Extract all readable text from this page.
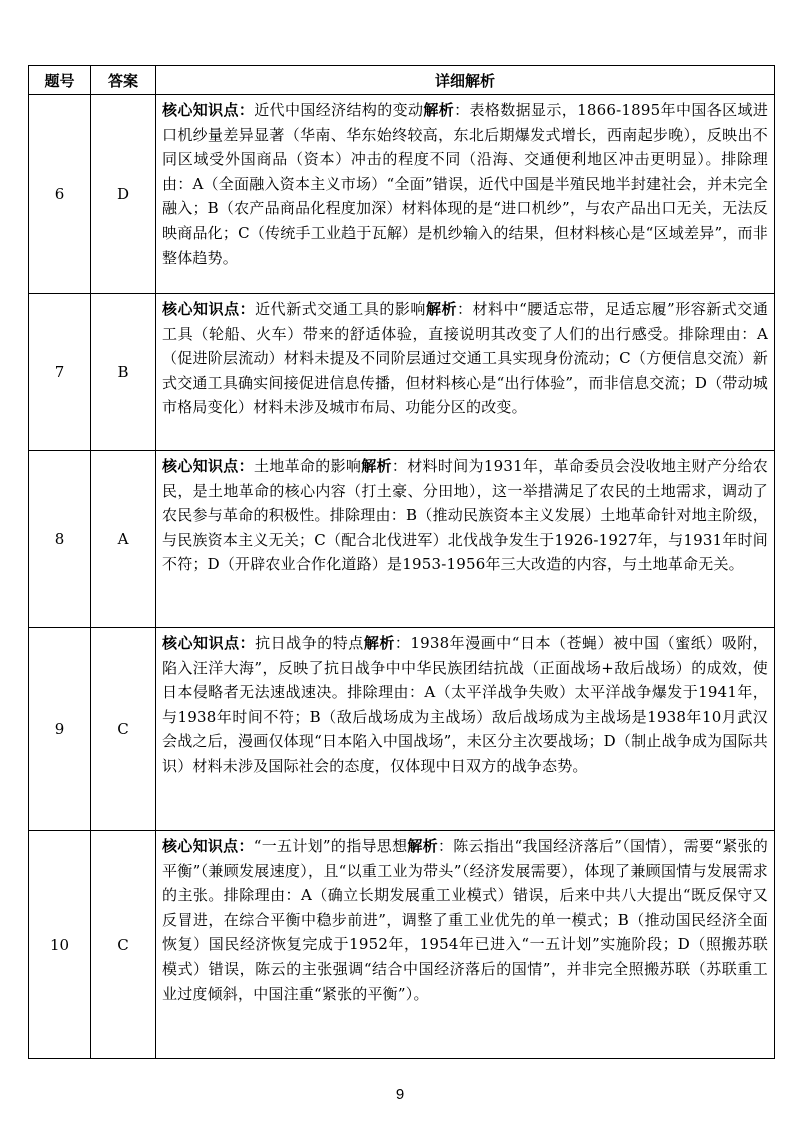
题号	答案	详细解析
6	D	核心知识点：近代中国经济结构的变动解析：表格数据显示，1866-1895年中国各区域进口机纱量差异显著（华南、华东始终较高，东北后期爆发式增长，西南起步晚），反映出不同区域受外国商品（资本）冲击的程度不同（沿海、交通便利地区冲击更明显）。排除理由：A（全面融入资本主义市场）“全面”错误，近代中国是半殖民地半封建社会，并未完全融入；B（农产品商品化程度加深）材料体现的是“进口机纱”，与农产品出口无关，无法反映商品化；C（传统手工业趋于瓦解）是机纱输入的结果，但材料核心是“区域差异”，而非整体趋势。
7	B	核心知识点：近代新式交通工具的影响解析：材料中“腰适忘带，足适忘履”形容新式交通工具（轮船、火车）带来的舒适体验，直接说明其改变了人们的出行感受。排除理由：A（促进阶层流动）材料未提及不同阶层通过交通工具实现身份流动；C（方便信息交流）新式交通工具确实间接促进信息传播，但材料核心是“出行体验”，而非信息交流；D（带动城市格局变化）材料未涉及城市布局、功能分区的改变。
8	A	核心知识点：土地革命的影响解析：材料时间为1931年，革命委员会没收地主财产分给农民，是土地革命的核心内容（打土豪、分田地），这一举措满足了农民的土地需求，调动了农民参与革命的积极性。排除理由：B（推动民族资本主义发展）土地革命针对地主阶级，与民族资本主义无关；C（配合北伐进军）北伐战争发生于1926-1927年，与1931年时间不符；D（开辟农业合作化道路）是1953-1956年三大改造的内容，与土地革命无关。
9	C	核心知识点：抗日战争的特点解析：1938年漫画中“日本（苍蝇）被中国（蜜纸）吸附，陷入汪洋大海”，反映了抗日战争中中华民族团结抗战（正面战场+敌后战场）的成效，使日本侵略者无法速战速决。排除理由：A（太平洋战争失败）太平洋战争爆发于1941年，与1938年时间不符；B（敌后战场成为主战场）敌后战场成为主战场是1938年10月武汉会战之后，漫画仅体现“日本陷入中国战场”，未区分主次要战场；D（制止战争成为国际共识）材料未涉及国际社会的态度，仅体现中日双方的战争态势。
10	C	核心知识点：“一五计划”的指导思想解析：陈云指出“我国经济落后”（国情），需要“紧张的平衡”（兼顾发展速度），且“以重工业为带头”（经济发展需要），体现了兼顾国情与发展需求的主张。排除理由：A（确立长期发展重工业模式）错误，后来中共八大提出“既反保守又反冒进，在综合平衡中稳步前进”，调整了重工业优先的单一模式；B（推动国民经济全面恢复）国民经济恢复完成于1952年，1954年已进入“一五计划”实施阶段；D（照搬苏联模式）错误，陈云的主张强调“结合中国经济落后的国情”，并非完全照搬苏联（苏联重工业过度倾斜，中国注重“紧张的平衡”）。
9
